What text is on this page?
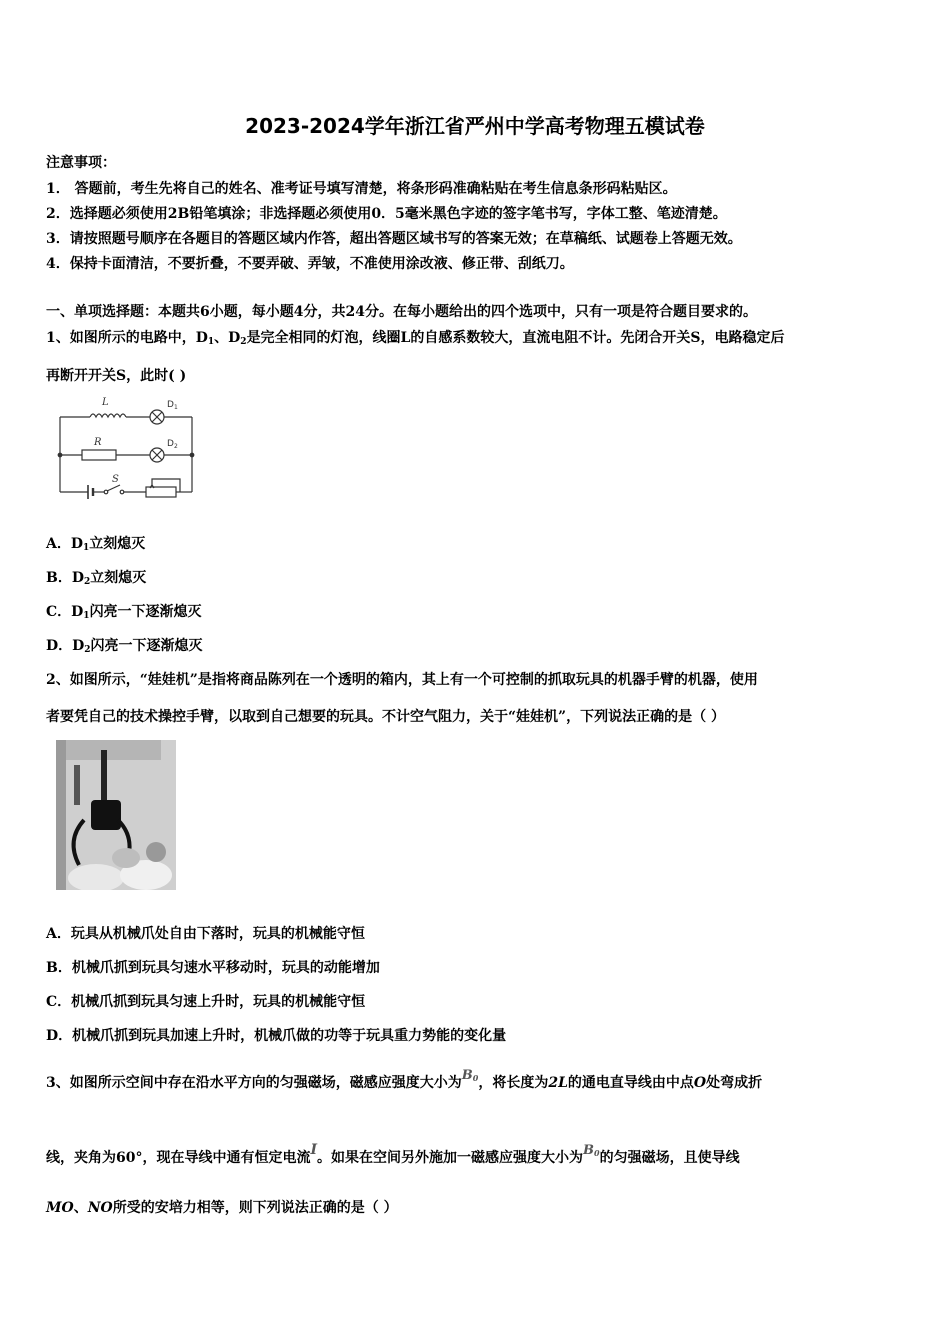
2023-2024学年浙江省严州中学高考物理五模试卷
注意事项：
1． 答题前，考生先将自己的姓名、准考证号填写清楚，将条形码准确粘贴在考生信息条形码粘贴区。
2．选择题必须使用2B铅笔填涂；非选择题必须使用0．5毫米黑色字迹的签字笔书写，字体工整、笔迹清楚。
3．请按照题号顺序在各题目的答题区域内作答，超出答题区域书写的答案无效；在草稿纸、试题卷上答题无效。
4．保持卡面清洁，不要折叠，不要弄破、弄皱，不准使用涂改液、修正带、刮纸刀。
一、单项选择题：本题共6小题，每小题4分，共24分。在每小题给出的四个选项中，只有一项是符合题目要求的。
1、如图所示的电路中，$D_1$、$D_2$是完全相同的灯泡，线圈L的自感系数较大，直流电阻不计。先闭合开关S，电路稳定后
再断开开关S，此时( )
L
R
S
$D_1$
$D_2$
A．$D_1$立刻熄灭
B．$D_2$立刻熄灭
C．$D_1$闪亮一下逐渐熄灭
D．$D_2$闪亮一下逐渐熄灭
2、如图所示，“娃娃机”是指将商品陈列在一个透明的箱内，其上有一个可控制的抓取玩具的机器手臂的机器，使用
者要凭自己的技术操控手臂，以取到自己想要的玩具。不计空气阻力，关于“娃娃机”，下列说法正确的是（ ）
A．玩具从机械爪处自由下落时，玩具的机械能守恒
B．机械爪抓到玩具匀速水平移动时，玩具的动能增加
C．机械爪抓到玩具匀速上升时，玩具的机械能守恒
D．机械爪抓到玩具加速上升时，机械爪做的功等于玩具重力势能的变化量
3、如图所示空间中存在沿水平方向的匀强磁场，磁感应强度大小为$B_0$，将长度为2L的通电直导线由中点O处弯成折
线，夹角为60°，现在导线中通有恒定电流I。如果在空间另外施加一磁感应强度大小为$B_0$的匀强磁场，且使导线
MO、NO所受的安培力相等，则下列说法正确的是（ ）
